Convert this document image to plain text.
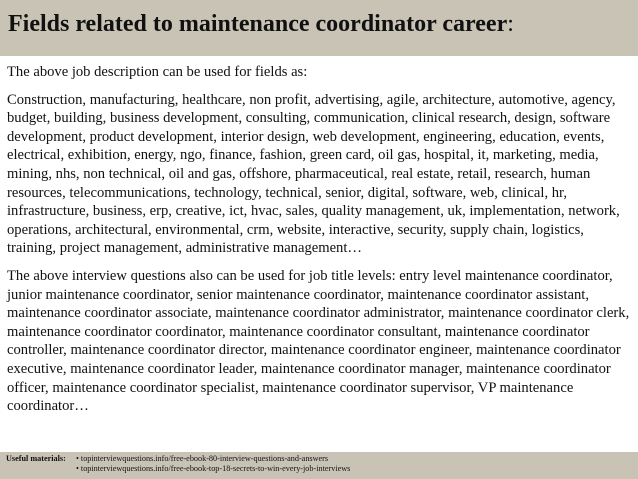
Fields related to maintenance coordinator career:

The above job description can be used for fields as:

Construction, manufacturing, healthcare, non profit, advertising, agile, architecture, automotive, agency, budget, building, business development, consulting, communication, clinical research, design, software development, product development, interior design, web development, engineering, education, events, electrical, exhibition, energy, ngo, finance, fashion, green card, oil gas, hospital, it, marketing, media, mining, nhs, non technical, oil and gas, offshore, pharmaceutical, real estate, retail, research, human resources, telecommunications, technology, technical, senior, digital, software, web, clinical, hr, infrastructure, business, erp, creative, ict, hvac, sales, quality management, uk, implementation, network, operations, architectural, environmental, crm, website, interactive, security, supply chain, logistics, training, project management, administrative management…

The above interview questions also can be used for job title levels: entry level maintenance coordinator, junior maintenance coordinator, senior maintenance coordinator, maintenance coordinator assistant, maintenance coordinator associate, maintenance coordinator administrator, maintenance coordinator clerk, maintenance coordinator coordinator, maintenance coordinator consultant, maintenance coordinator controller, maintenance coordinator director, maintenance coordinator engineer, maintenance coordinator executive, maintenance coordinator leader, maintenance coordinator manager, maintenance coordinator officer, maintenance coordinator specialist, maintenance coordinator supervisor, VP maintenance coordinator…

Useful materials:	• topinterviewquestions.info/free-ebook-80-interview-questions-and-answers
• topinterviewquestions.info/free-ebook-top-18-secrets-to-win-every-job-interviews
